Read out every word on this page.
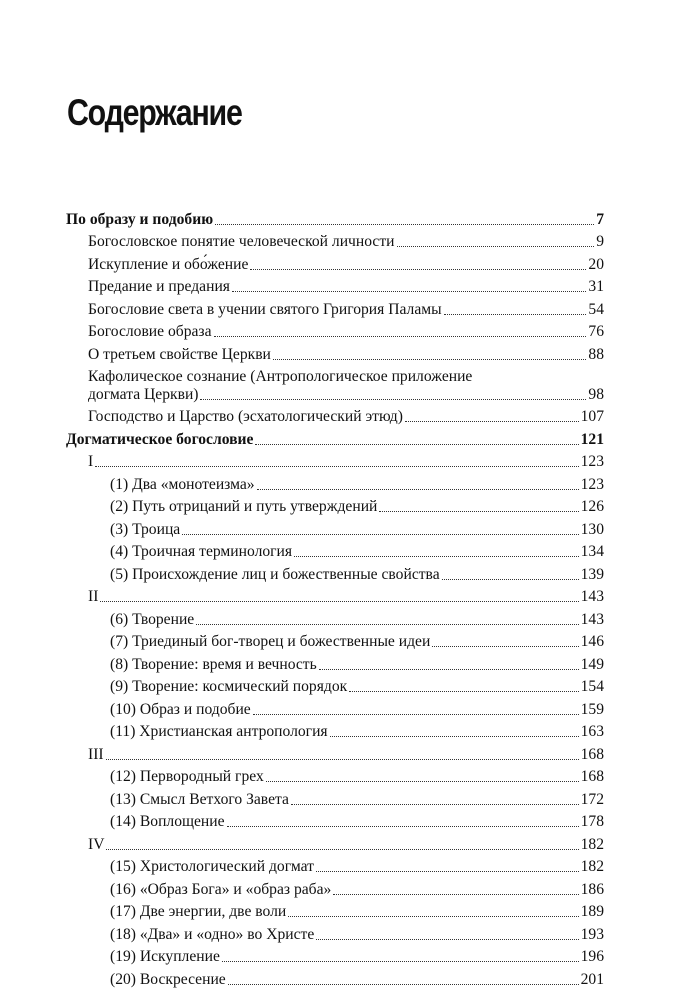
Содержание
По образу и подобию	7
Богословское понятие человеческой личности	9
Искупление и обо́жение	20
Предание и предания	31
Богословие света в учении святого Григория Паламы	54
Богословие образа	76
О третьем свойстве Церкви	88
Кафолическое сознание (Антропологическое приложение
догмата Церкви)	98
Господство и Царство (эсхатологический этюд)	107
Догматическое богословие	121
I	123
(1) Два «монотеизма»	123
(2) Путь отрицаний и путь утверждений	126
(3) Троица	130
(4) Троичная терминология	134
(5) Происхождение лиц и божественные свойства	139
II	143
(6) Творение	143
(7) Триединый бог-творец и божественные идеи	146
(8) Творение: время и вечность	149
(9) Творение: космический порядок	154
(10) Образ и подобие	159
(11) Христианская антропология	163
III	168
(12) Первородный грех	168
(13) Смысл Ветхого Завета	172
(14) Воплощение	178
IV	182
(15) Христологический догмат	182
(16) «Образ Бога» и «образ раба»	186
(17) Две энергии, две воли	189
(18) «Два» и «одно» во Христе	193
(19) Искупление	196
(20) Воскресение	201
